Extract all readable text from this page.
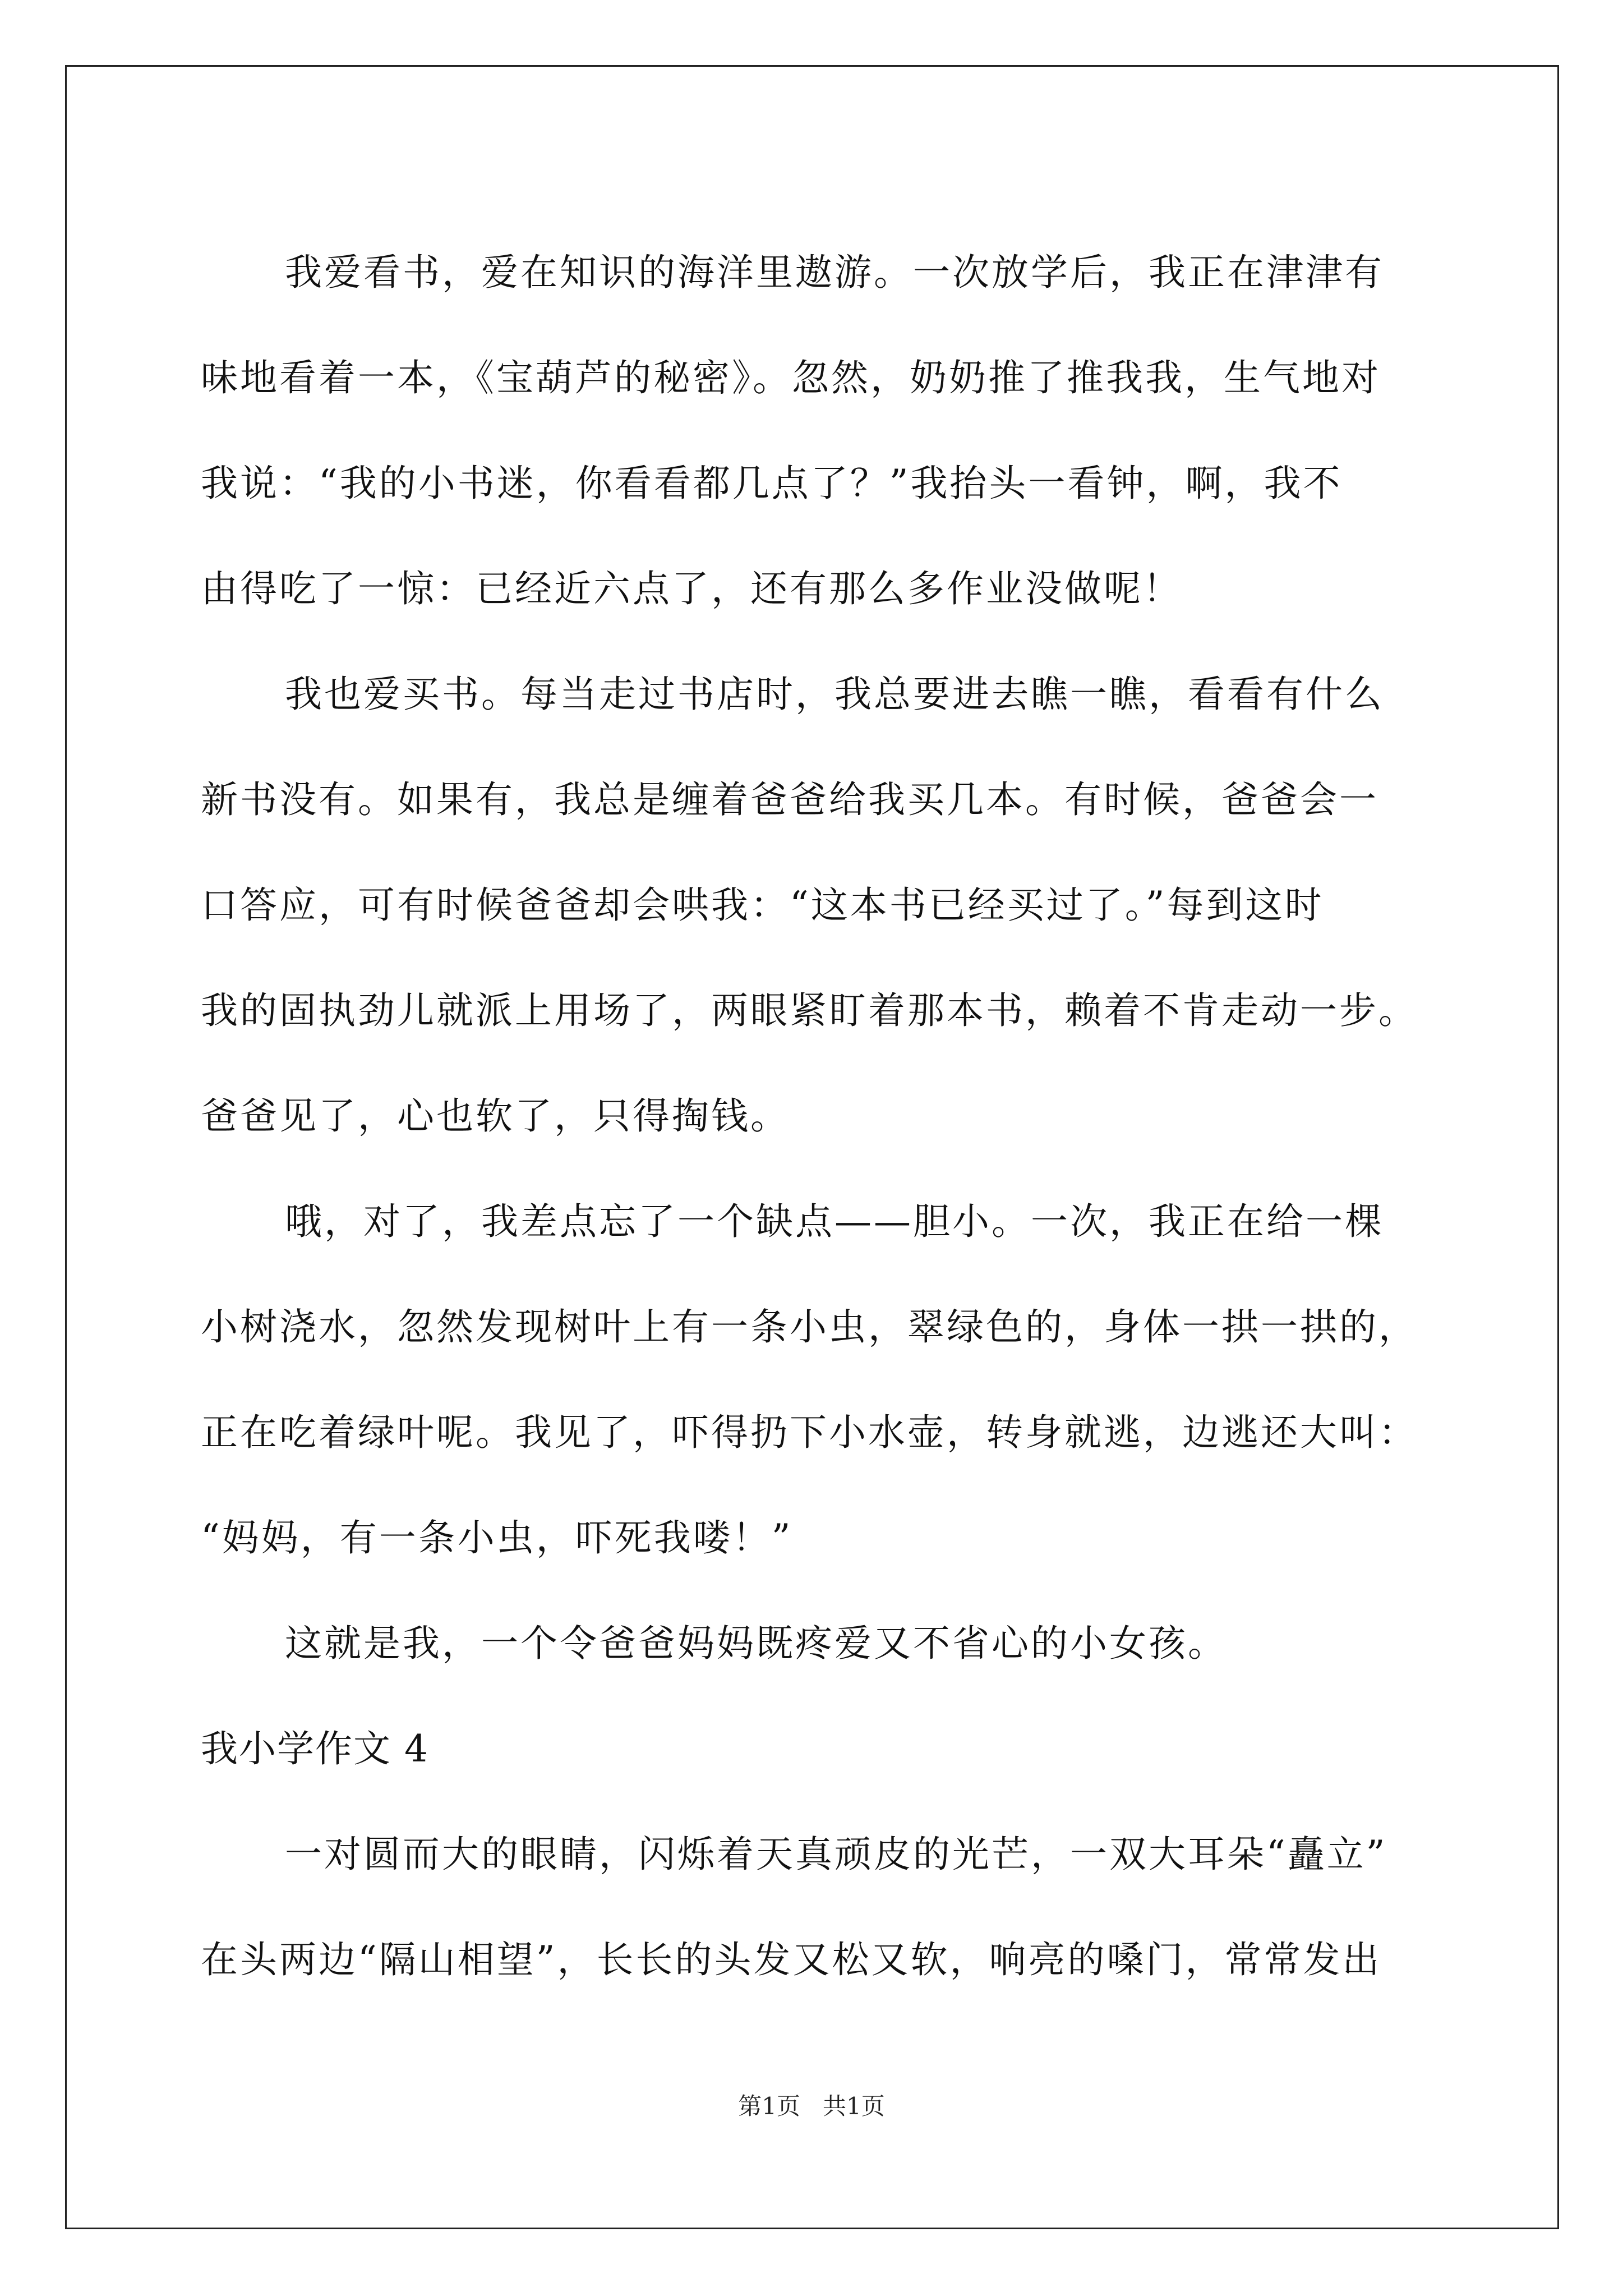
我爱看书，爱在知识的海洋里遨游。一次放学后，我正在津津有
味地看着一本，《宝葫芦的秘密》。忽然，奶奶推了推我我，生气地对
我说：“我的小书迷，你看看都几点了？”我抬头一看钟，啊，我不
由得吃了一惊：已经近六点了，还有那么多作业没做呢！
我也爱买书。每当走过书店时，我总要进去瞧一瞧，看看有什么
新书没有。如果有，我总是缠着爸爸给我买几本。有时候，爸爸会一
口答应，可有时候爸爸却会哄我：“这本书已经买过了。”每到这时
我的固执劲儿就派上用场了，两眼紧盯着那本书，赖着不肯走动一步。
爸爸见了，心也软了，只得掏钱。
哦，对了，我差点忘了一个缺点——胆小。一次，我正在给一棵
小树浇水，忽然发现树叶上有一条小虫，翠绿色的，身体一拱一拱的，
正在吃着绿叶呢。我见了，吓得扔下小水壶，转身就逃，边逃还大叫：
“妈妈，有一条小虫，吓死我喽！”
这就是我，一个令爸爸妈妈既疼爱又不省心的小女孩。
我小学作文 4
一对圆而大的眼睛，闪烁着天真顽皮的光芒，一双大耳朵“矗立”
在头两边“隔山相望”，长长的头发又松又软，响亮的嗓门，常常发出
第1页   共1页
